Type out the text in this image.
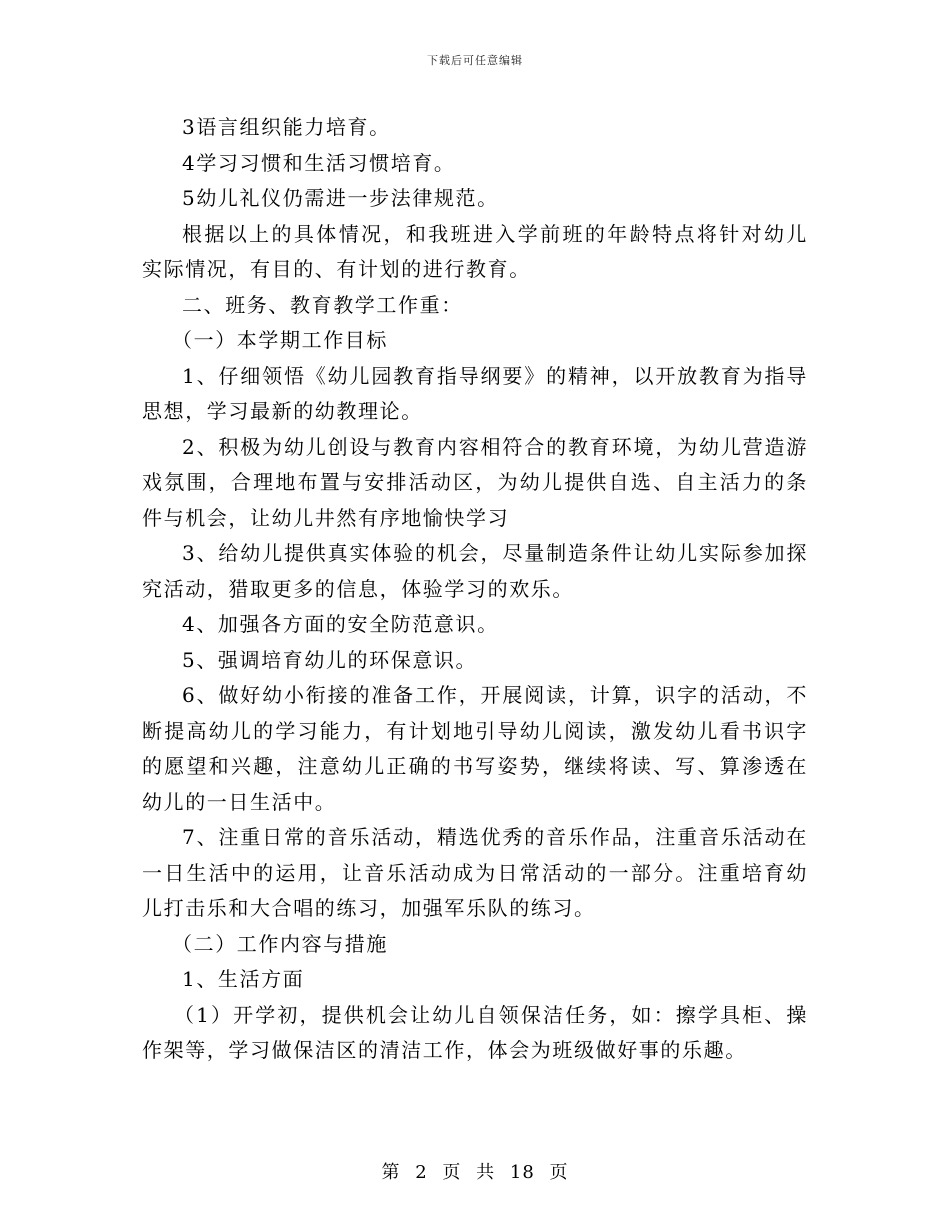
下载后可任意编辑

3语言组织能力培育。

4学习习惯和生活习惯培育。

5幼儿礼仪仍需进一步法律规范。

根据以上的具体情况，和我班进入学前班的年龄特点将针对幼儿实际情况，有目的、有计划的进行教育。

二、班务、教育教学工作重：

（一）本学期工作目标

1、仔细领悟《幼儿园教育指导纲要》的精神，以开放教育为指导思想，学习最新的幼教理论。

2、积极为幼儿创设与教育内容相符合的教育环境，为幼儿营造游戏氛围，合理地布置与安排活动区，为幼儿提供自选、自主活力的条件与机会，让幼儿井然有序地愉快学习

3、给幼儿提供真实体验的机会，尽量制造条件让幼儿实际参加探究活动，猎取更多的信息，体验学习的欢乐。

4、加强各方面的安全防范意识。

5、强调培育幼儿的环保意识。

6、做好幼小衔接的准备工作，开展阅读，计算，识字的活动，不断提高幼儿的学习能力，有计划地引导幼儿阅读，激发幼儿看书识字的愿望和兴趣，注意幼儿正确的书写姿势，继续将读、写、算渗透在幼儿的一日生活中。

7、注重日常的音乐活动，精选优秀的音乐作品，注重音乐活动在一日生活中的运用，让音乐活动成为日常活动的一部分。注重培育幼儿打击乐和大合唱的练习，加强军乐队的练习。

（二）工作内容与措施

1、生活方面

（1）开学初，提供机会让幼儿自领保洁任务，如：擦学具柜、操作架等，学习做保洁区的清洁工作，体会为班级做好事的乐趣。

第 2 页 共 18 页
